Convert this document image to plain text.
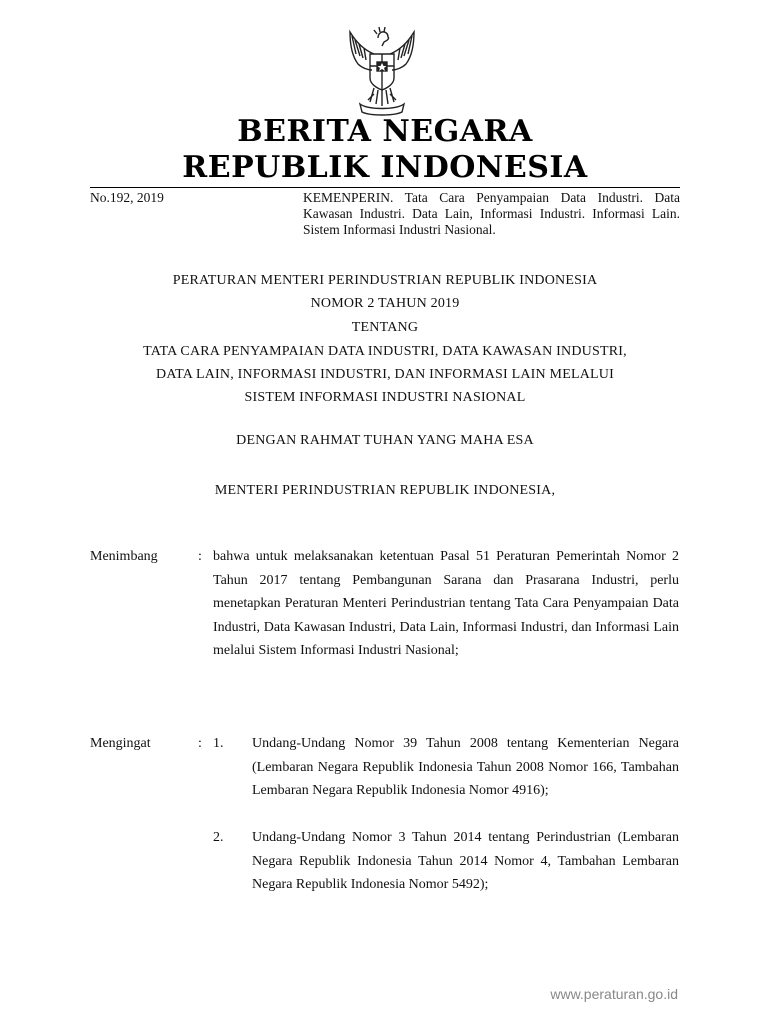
BERITA NEGARA
REPUBLIK INDONESIA
No.192, 2019	KEMENPERIN. Tata Cara Penyampaian Data Industri. Data Kawasan Industri. Data Lain, Informasi Industri. Informasi Lain. Sistem Informasi Industri Nasional.
PERATURAN MENTERI PERINDUSTRIAN REPUBLIK INDONESIA
NOMOR 2 TAHUN 2019
TENTANG
TATA CARA PENYAMPAIAN DATA INDUSTRI, DATA KAWASAN INDUSTRI,
DATA LAIN, INFORMASI INDUSTRI, DAN INFORMASI LAIN MELALUI
SISTEM INFORMASI INDUSTRI NASIONAL
DENGAN RAHMAT TUHAN YANG MAHA ESA
MENTERI PERINDUSTRIAN REPUBLIK INDONESIA,
Menimbang	: bahwa untuk melaksanakan ketentuan Pasal 51 Peraturan Pemerintah Nomor 2 Tahun 2017 tentang Pembangunan Sarana dan Prasarana Industri, perlu menetapkan Peraturan Menteri Perindustrian tentang Tata Cara Penyampaian Data Industri, Data Kawasan Industri, Data Lain, Informasi Industri, dan Informasi Lain melalui Sistem Informasi Industri Nasional;
Mengingat	: 1. Undang-Undang Nomor 39 Tahun 2008 tentang Kementerian Negara (Lembaran Negara Republik Indonesia Tahun 2008 Nomor 166, Tambahan Lembaran Negara Republik Indonesia Nomor 4916);
2. Undang-Undang Nomor 3 Tahun 2014 tentang Perindustrian (Lembaran Negara Republik Indonesia Tahun 2014 Nomor 4, Tambahan Lembaran Negara Republik Indonesia Nomor 5492);
www.peraturan.go.id
